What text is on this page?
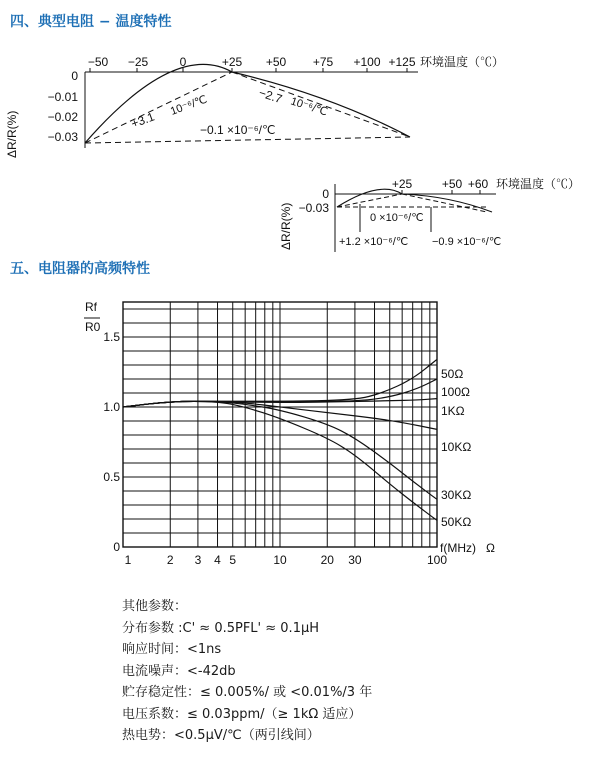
四、典型电阻 − 温度特性
五、电阻器的高频特性
−50 −25	0	+25 +50 +75 +100 +125 环境温度（℃）
0
−0.01
−0.02
−0.03
ΔR/R(%)	+3.1
10⁻⁶/℃	−2.7 10⁻⁶/℃
−0.1 ×10⁻⁶/℃
+25 +50 +60 环境温度（℃）
0
−0.03
ΔR/R(%)	0 ×10⁻⁶/℃
+1.2 ×10⁻⁶/℃ −0.9 ×10⁻⁶/℃
50Ω
100Ω
1KΩ
10KΩ
30KΩ
50KΩ
1	2 3 4 5	10	20 30	100
0
0.5
1.0
1.5
f(MHz) Ω
Rf
R0
其他参数：
分布参数 :C' ≈ 0.5PFL' ≈ 0.1μH
响应时间：<1ns
电流噪声：<-42db
贮存稳定性：≤ 0.005%/ 或 <0.01%/3 年
电压系数：≤ 0.03ppm/（≥ 1kΩ 适应）
热电势：<0.5μV/℃（两引线间）
